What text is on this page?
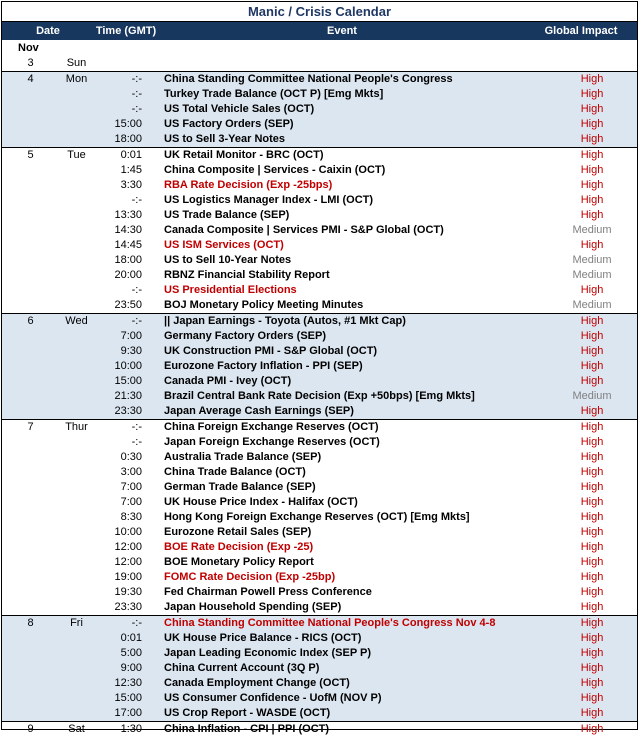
Manic / Crisis Calendar
Date	Time (GMT)	Event	Global Impact Potential
Nov
3	Sun
4	Mon	-:- China Standing Committee National People's Congress	High
-:- Turkey Trade Balance (OCT P) [Emg Mkts]	High
-:- US Total Vehicle Sales (OCT)	High
15:00 US Factory Orders (SEP)	High
18:00 US to Sell 3-Year Notes	High
5	Tue	0:01 UK Retail Monitor - BRC (OCT)	High
1:45 China Composite | Services - Caixin (OCT)	High
3:30 RBA Rate Decision (Exp -25bps)	High
-:- US Logistics Manager Index - LMI (OCT)	High
13:30 US Trade Balance (SEP)	High
14:30 Canada Composite | Services PMI - S&P Global (OCT)	Medium
14:45 US ISM Services (OCT)	High
18:00 US to Sell 10-Year Notes	Medium
20:00 RBNZ Financial Stability Report	Medium
-:- US Presidential Elections	High
23:50 BOJ Monetary Policy Meeting Minutes	Medium
6	Wed	-:- || Japan Earnings - Toyota (Autos, #1 Mkt Cap)	High
7:00 Germany Factory Orders (SEP)	High
9:30 UK Construction PMI - S&P Global (OCT)	High
10:00 Eurozone Factory Inflation - PPI (SEP)	High
15:00 Canada PMI - Ivey (OCT)	High
21:30 Brazil Central Bank Rate Decision (Exp +50bps) [Emg Mkts]	Medium
23:30 Japan Average Cash Earnings (SEP)	High
7	Thur	-:- China Foreign Exchange Reserves (OCT)	High
-:- Japan Foreign Exchange Reserves (OCT)	High
0:30 Australia Trade Balance (SEP)	High
3:00 China Trade Balance (OCT)	High
7:00 German Trade Balance (SEP)	High
7:00 UK House Price Index - Halifax (OCT)	High
8:30 Hong Kong Foreign Exchange Reserves (OCT) [Emg Mkts]	High
10:00 Eurozone Retail Sales (SEP)	High
12:00 BOE Rate Decision (Exp -25)	High
12:00 BOE Monetary Policy Report	High
19:00 FOMC Rate Decision (Exp -25bp)	High
19:30 Fed Chairman Powell Press Conference	High
23:30 Japan Household Spending (SEP)	High
8	Fri	-:- China Standing Committee National People's Congress Nov 4-8	High
0:01 UK House Price Balance - RICS (OCT)	High
5:00 Japan Leading Economic Index (SEP P)	High
9:00 China Current Account (3Q P)	High
12:30 Canada Employment Change (OCT)	High
15:00 US Consumer Confidence - UofM (NOV P)	High
17:00 US Crop Report - WASDE (OCT)	High
9	Sat	1:30 China Inflation - CPI | PPI (OCT)	High
